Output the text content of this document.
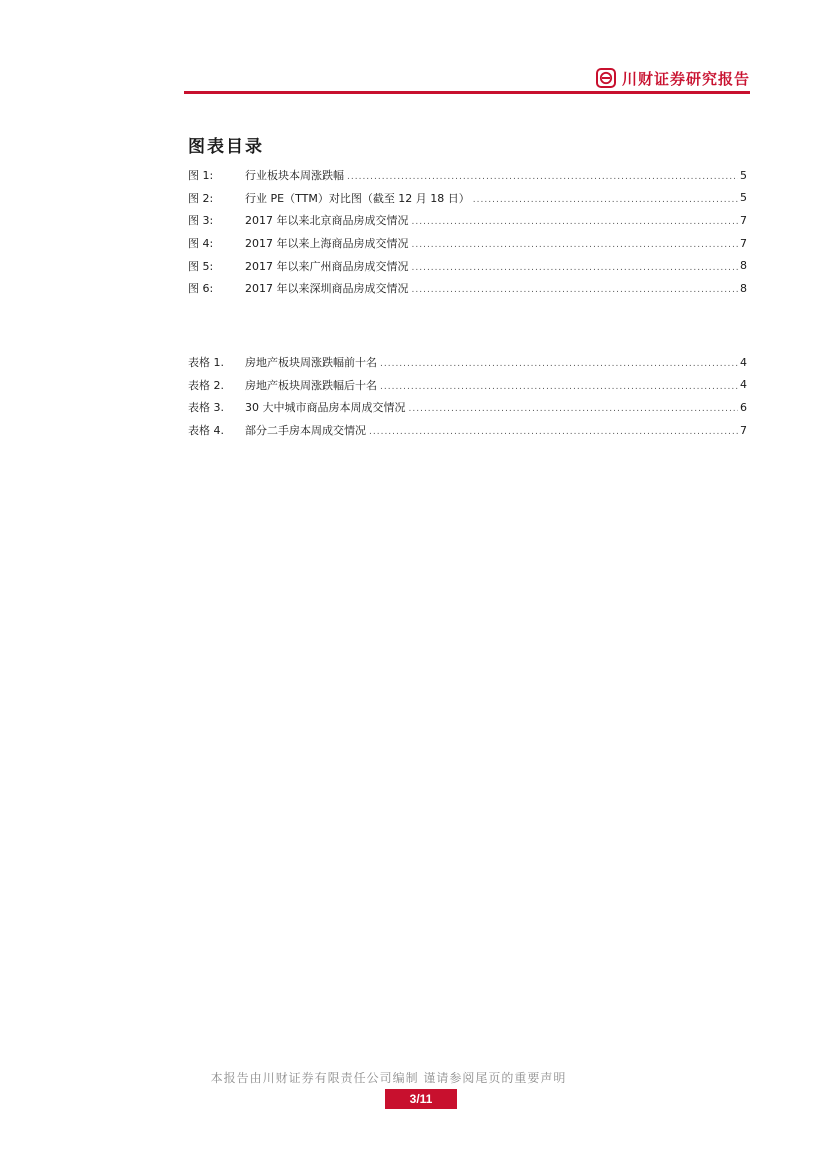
川财证券研究报告
图表目录
图 1:	行业板块本周涨跌幅 .....	5
图 2:	行业 PE（TTM）对比图（截至 12 月 18 日） .....	5
图 3:	2017 年以来北京商品房成交情况 .....	7
图 4:	2017 年以来上海商品房成交情况 .....	7
图 5:	2017 年以来广州商品房成交情况 .....	8
图 6:	2017 年以来深圳商品房成交情况 .....	8
表格 1.	房地产板块周涨跌幅前十名 .....	4
表格 2.	房地产板块周涨跌幅后十名 .....	4
表格 3.	30 大中城市商品房本周成交情况 .....	6
表格 4.	部分二手房本周成交情况 .....	7
本报告由川财证券有限责任公司编制 谨请参阅尾页的重要声明
3/11
